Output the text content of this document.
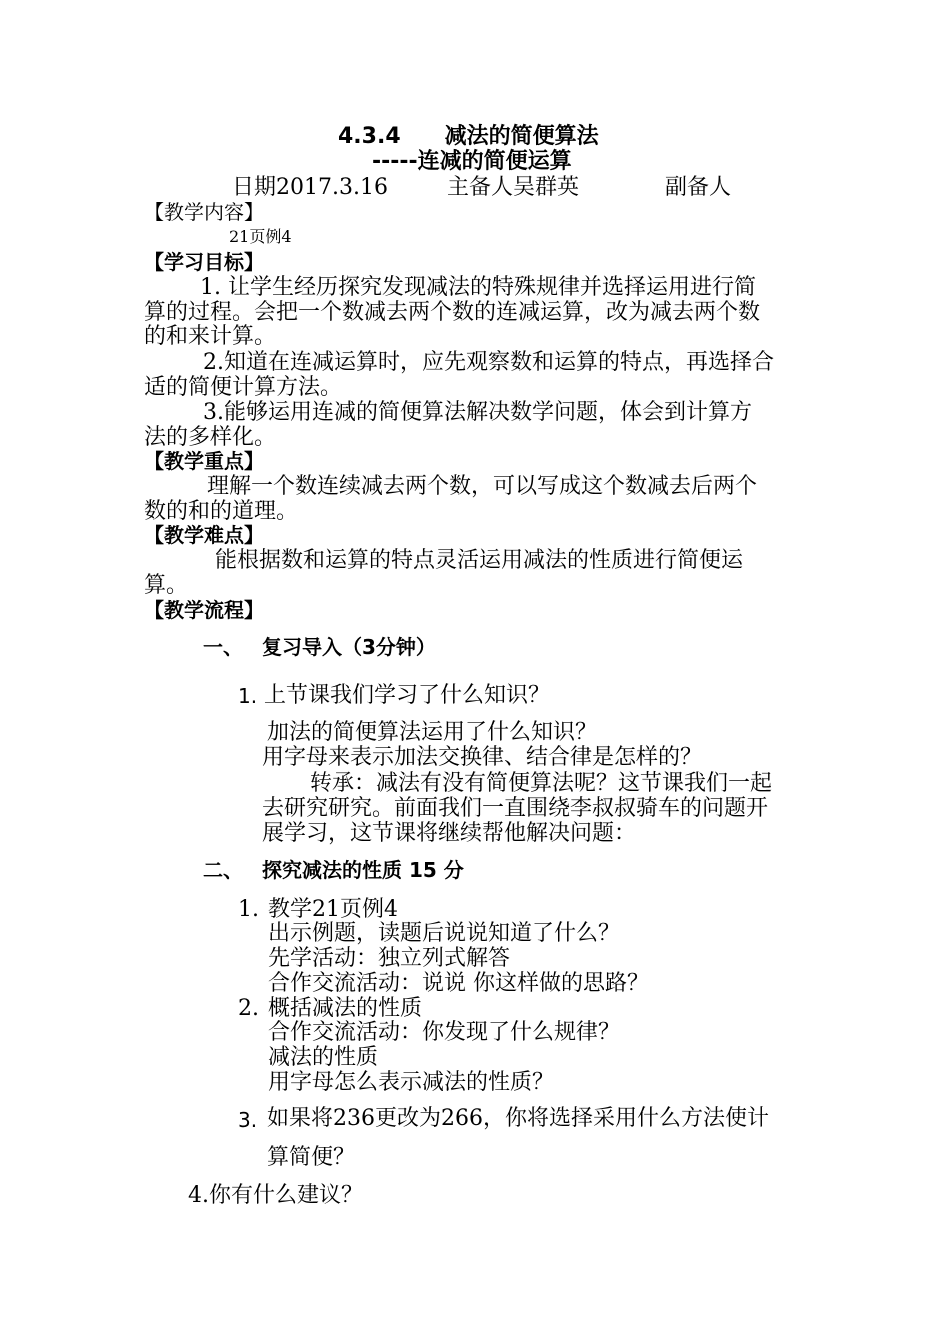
4.3.4　　减法的简便算法
-----连减的简便运算
日期2017.3.16	主备人吴群英	副备人
【教学内容】
21页例4
【学习目标】
1. 让学生经历探究发现减法的特殊规律并选择运用进行简
算的过程。会把一个数减去两个数的连减运算，改为减去两个数
的和来计算。
2.知道在连减运算时，应先观察数和运算的特点，再选择合
适的简便计算方法。
3.能够运用连减的简便算法解决数学问题，体会到计算方
法的多样化。
【教学重点】
理解一个数连续减去两个数，可以写成这个数减去后两个
数的和的道理。
【教学难点】
能根据数和运算的特点灵活运用减法的性质进行简便运
算。
【教学流程】
一、 复习导入（3分钟）
1. 上节课我们学习了什么知识？
加法的简便算法运用了什么知识？
用字母来表示加法交换律、结合律是怎样的？
转承：减法有没有简便算法呢？这节课我们一起
去研究研究。前面我们一直围绕李叔叔骑车的问题开
展学习，这节课将继续帮他解决问题：
二、 探究减法的性质 15 分
1. 教学21页例4
出示例题，读题后说说知道了什么？
先学活动：独立列式解答
合作交流活动：说说 你这样做的思路？
2. 概括减法的性质
合作交流活动：你发现了什么规律？
减法的性质
用字母怎么表示减法的性质？
3. 如果将236更改为266，你将选择采用什么方法使计
算简便？
4.你有什么建议？
